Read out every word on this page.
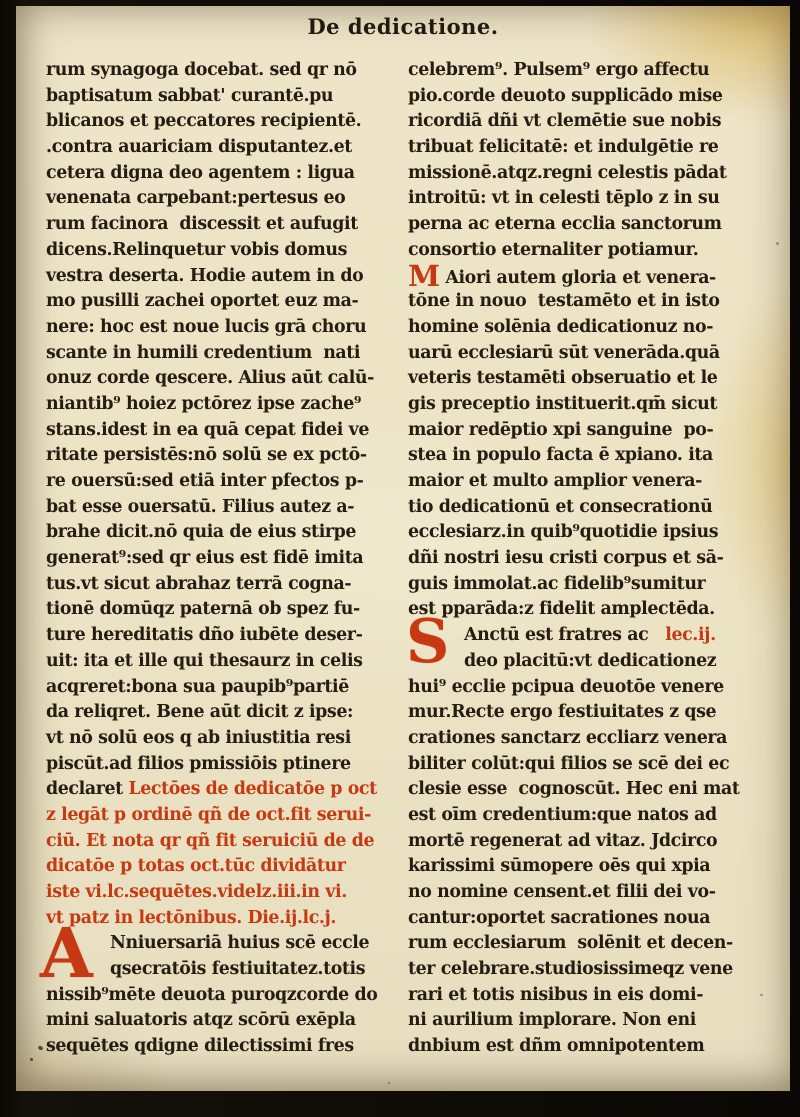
De dedicatione.
A
rum synagoga docebat. sed qr nō
baptisatum sabbat' curantē.pu
blicanos et peccatores recipientē.
.contra auariciam disputantez.et
cetera digna deo agentem : ligua
venenata carpebant:pertesus eo
rum facinora  discessit et aufugit
dicens.Relinquetur vobis domus
vestra deserta. Hodie autem in do
mo pusilli zachei oportet euz ma-
nere: hoc est noue lucis grā choru
scante in humili credentium  nati
onuz corde qescere. Alius aūt calū-
niantib⁹ hoiez pctōrez ipse zache⁹
stans.idest in ea quā cepat fidei ve
ritate persistēs:nō solū se ex pctō-
re ouersū:sed etiā inter pfectos p-
bat esse ouersatū. Filius autez a-
brahe dicit.nō quia de eius stirpe
generat⁹:sed qr eius est fidē imita
tus.vt sicut abrahaz terrā cogna-
tionē domūqz paternā ob spez fu-
ture hereditatis dño iubēte deser-
uit: ita et ille qui thesaurz in celis
acqreret:bona sua paupib⁹partiē
da reliqret. Bene aūt dicit z ipse:
vt nō solū eos q ab iniustitia resi
piscūt.ad filios pmissiōis ptinere
declaret Lectōes de dedicatōe p oct
z legāt p ordinē qñ de oct.fit serui-
ciū. Et nota qr qñ fit seruiciū de de
dicatōe p totas oct.tūc dividātur
iste vi.lc.sequētes.videlz.iii.in vi.
vt patz in lectōnibus. Die.ij.lc.j.
Nniuersariā huius scē eccle
qsecratōis festiuitatez.totis
nissib⁹mēte deuota puroqzcorde do
mini saluatoris atqz scōrū exēpla
sequētes qdigne dilectissimi fres
S
celebrem⁹. Pulsem⁹ ergo affectu
pio.corde deuoto supplicādo mise
ricordiā dñi vt clemētie sue nobis
tribuat felicitatē: et indulgētie re
missionē.atqz.regni celestis pādat
introitū: vt in celesti tēplo z in su
perna ac eterna ecclia sanctorum
consortio eternaliter potiamur.
M Aiori autem gloria et venera-
tōne in nouo  testamēto et in isto
homine solēnia dedicationuz no-
uarū ecclesiarū sūt venerāda.quā
veteris testamēti obseruatio et le
gis preceptio instituerit.qm̄ sicut
maior redēptio xpi sanguine  po-
stea in populo facta ē xpiano. ita
maior et multo amplior venera-
tio dedicationū et consecrationū
ecclesiarz.in quib⁹quotidie ipsius
dñi nostri iesu cristi corpus et sā-
guis immolat.ac fidelib⁹sumitur
est pparāda:z fidelit amplectēda.
Anctū est fratres ac   lec.ij.
deo placitū:vt dedicationez
hui⁹ ecclie pcipua deuotōe venere
mur.Recte ergo festiuitates z qse
crationes sanctarz eccliarz venera
biliter colūt:qui filios se scē dei ec
clesie esse  cognoscūt. Hec eni mat
est oīm credentium:que natos ad
mortē regenerat ad vitaz. Jdcirco
karissimi sūmopere oēs qui xpia
no nomine censent.et filii dei vo-
cantur:oportet sacrationes noua
rum ecclesiarum  solēnit et decen-
ter celebrare.studiosissimeqz vene
rari et totis nisibus in eis domi-
ni aurilium implorare. Non eni
dnbium est dñm omnipotentem
